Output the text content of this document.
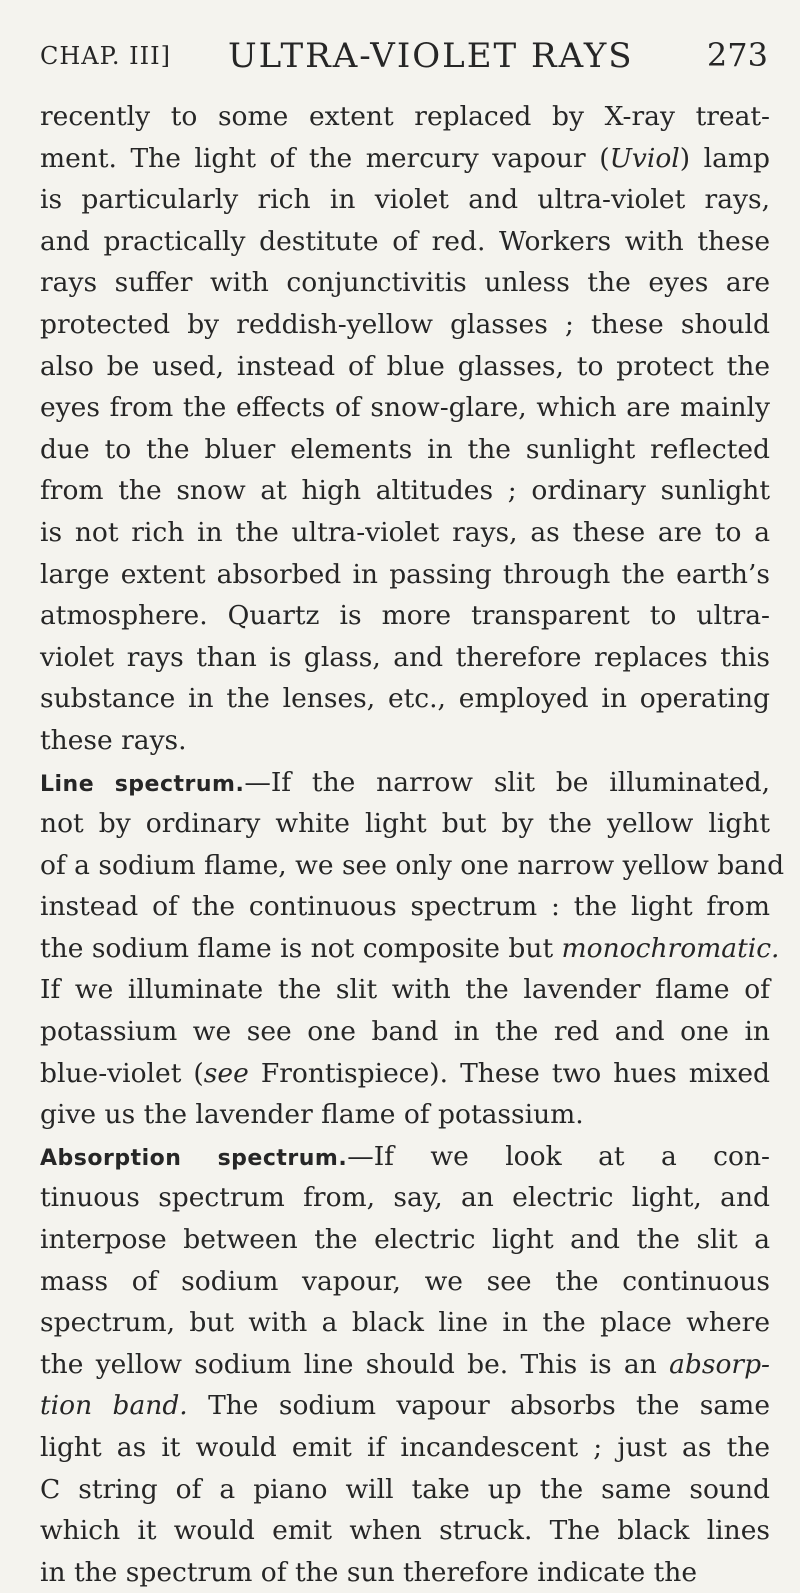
CHAP. III] ULTRA-VIOLET RAYS 273
recently to some extent replaced by X-ray treat-
ment. The light of the mercury vapour (Uviol) lamp
is particularly rich in violet and ultra-violet rays,
and practically destitute of red. Workers with these
rays suffer with conjunctivitis unless the eyes are
protected by reddish-yellow glasses ; these should
also be used, instead of blue glasses, to protect the
eyes from the effects of snow-glare, which are mainly
due to the bluer elements in the sunlight reflected
from the snow at high altitudes ; ordinary sunlight
is not rich in the ultra-violet rays, as these are to a
large extent absorbed in passing through the earth’s
atmosphere. Quartz is more transparent to ultra-
violet rays than is glass, and therefore replaces this
substance in the lenses, etc., employed in operating
these rays.
Line spectrum.—If the narrow slit be illuminated,
not by ordinary white light but by the yellow light
of a sodium flame, we see only one narrow yellow band
instead of the continuous spectrum : the light from
the sodium flame is not composite but monochromatic.
If we illuminate the slit with the lavender flame of
potassium we see one band in the red and one in
blue-violet (see Frontispiece). These two hues mixed
give us the lavender flame of potassium.
Absorption spectrum.—If we look at a con-
tinuous spectrum from, say, an electric light, and
interpose between the electric light and the slit a
mass of sodium vapour, we see the continuous
spectrum, but with a black line in the place where
the yellow sodium line should be. This is an absorp-
tion band. The sodium vapour absorbs the same
light as it would emit if incandescent ; just as the
C string of a piano will take up the same sound
which it would emit when struck. The black lines
in the spectrum of the sun therefore indicate the
